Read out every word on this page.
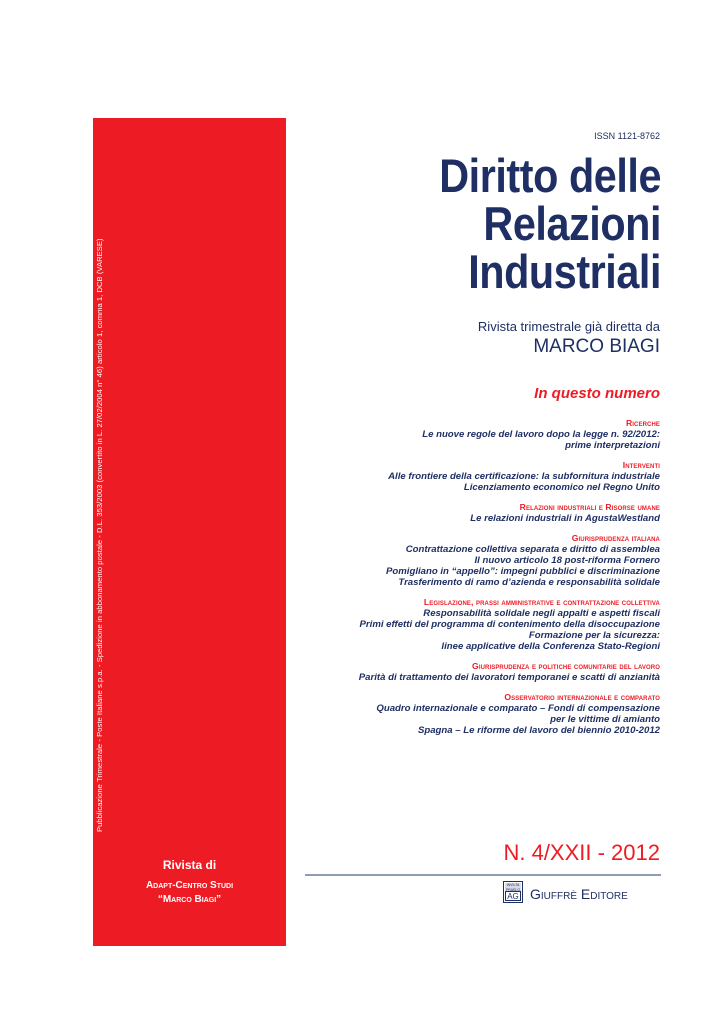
Pubblicazione Trimestrale - Poste Italiane s.p.a. - Spedizione in abbonamento postale - D.L. 353/2003 (convertito in L. 27/02/2004 n° 46) articolo 1, comma 1, DCB (VARESE)
Rivista di
Adapt-Centro Studi
“Marco Biagi”
ISSN 1121-8762
Diritto delle
Relazioni
Industriali
Rivista trimestrale già diretta da
MARCO BIAGI
In questo numero
Ricerche
Le nuove regole del lavoro dopo la legge n. 92/2012:
prime interpretazioni
Interventi
Alle frontiere della certificazione: la subfornitura industriale
Licenziamento economico nel Regno Unito
Relazioni industriali e Risorse umane
Le relazioni industriali in AgustaWestland
Giurisprudenza italiana
Contrattazione collettiva separata e diritto di assemblea
Il nuovo articolo 18 post-riforma Fornero
Pomigliano in “appello”: impegni pubblici e discriminazione
Trasferimento di ramo d’azienda e responsabilità solidale
Legislazione, prassi amministrative e contrattazione collettiva
Responsabilità solidale negli appalti e aspetti fiscali
Primi effetti del programma di contenimento della disoccupazione
Formazione per la sicurezza:
linee applicative della Conferenza Stato-Regioni
Giurisprudenza e politiche comunitarie del lavoro
Parità di trattamento dei lavoratori temporanei e scatti di anzianità
Osservatorio internazionale e comparato
Quadro internazionale e comparato – Fondi di compensazione
per le vittime di amianto
Spagna – Le riforme del lavoro del biennio 2010-2012
N. 4/XXII - 2012
INVILTA PRAELO
AG Giuffrè Editore
